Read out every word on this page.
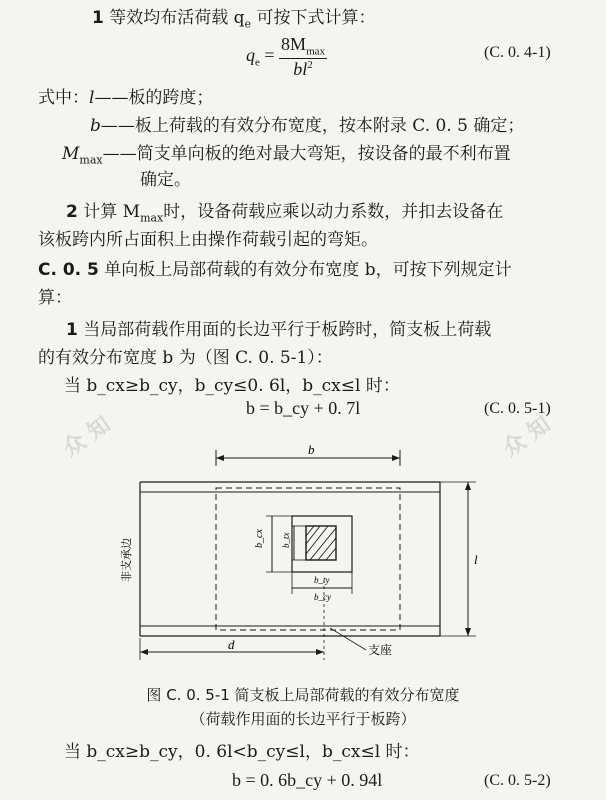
众 知
众 知
1 等效均布活荷载 $q_e$ 可按下式计算：
$q_e = \frac{8M_{max}}{bl^2}$	(C. 0. 4-1)
式中：l——板的跨度；
b——板上荷载的有效分布宽度，按本附录 C. 0. 5 确定；
$M_{max}——$简支单向板的绝对最大弯矩，按设备的最不利布置
确定。
2 计算 $M_{max}$时，设备荷载应乘以动力系数，并扣去设备在
该板跨内所占面积上由操作荷载引起的弯矩。
C. 0. 5 单向板上局部荷载的有效分布宽度 b，可按下列规定计
算：
1 当局部荷载作用面的长边平行于板跨时，简支板上荷载
的有效分布宽度 b 为（图 C. 0. 5-1）：
当 b_cx≥b_cy，b_cy≤0. 6l，b_cx≤l 时：
b = b_cy + 0. 7l	(C. 0. 5-1)
b
b_cx b_tx
b_ty
b_cy
l
d	支座
非支承边
图 C. 0. 5-1 简支板上局部荷载的有效分布宽度
（荷载作用面的长边平行于板跨）
当 b_cx≥b_cy，0. 6l<b_cy≤l，b_cx≤l 时：
b = 0. 6b_cy + 0. 94l	(C. 0. 5-2)
